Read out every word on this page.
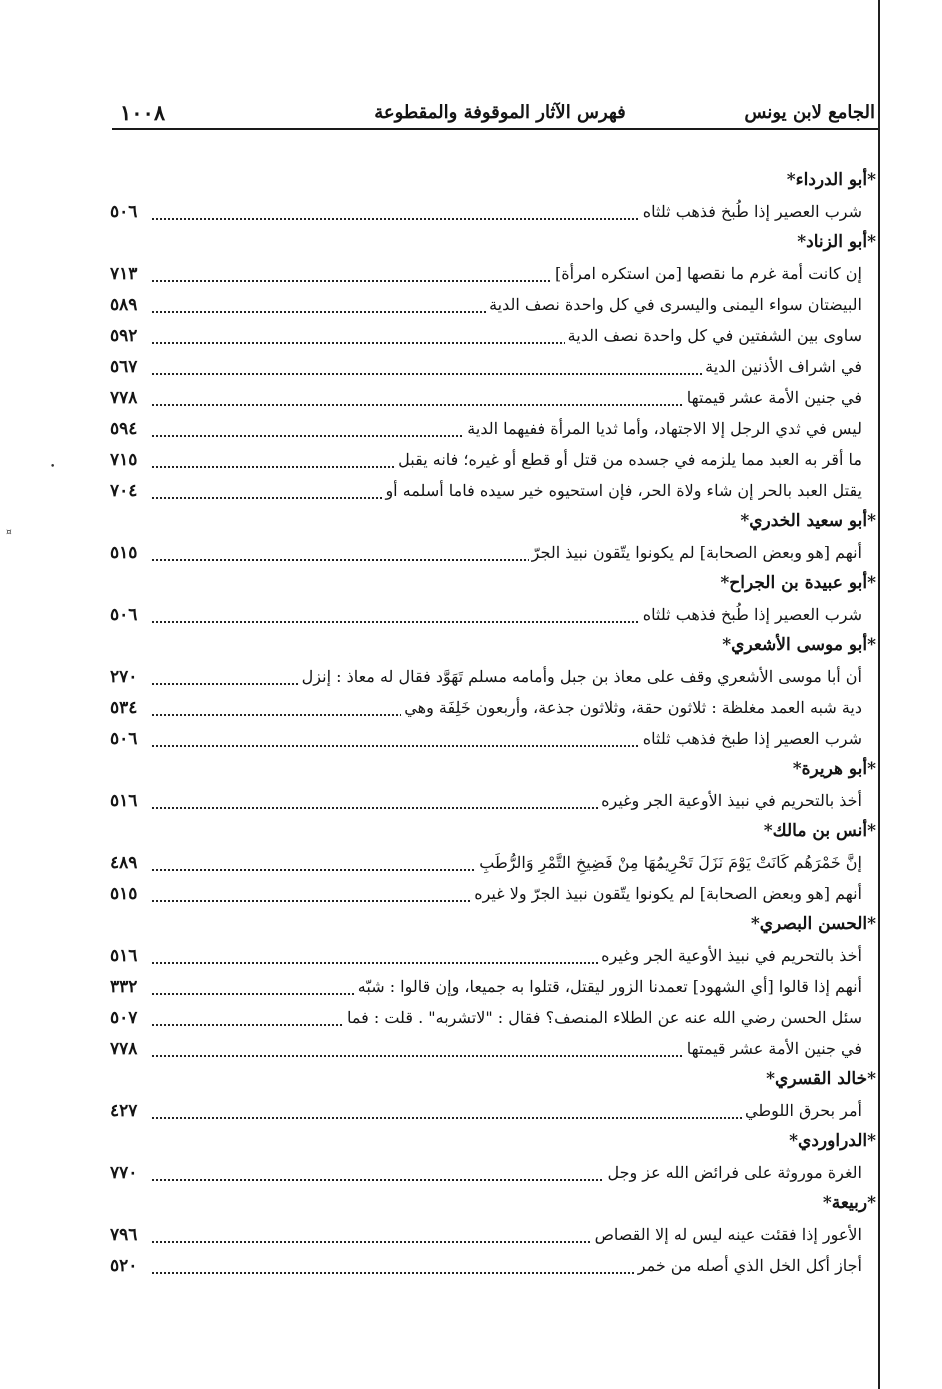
١٠٠٨	فهرس الآثار الموقوفة والمقطوعة	الجامع لابن يونس
•
¤
*أبو الدرداء*
شرب العصير إذا طُبخ فذهب ثلثاه
٥٠٦
*أبو الزناد*
إن كانت أمة غرم ما نقصها [من استكره امرأة]
٧١٣
البيضتان سواء اليمنى واليسرى في كل واحدة نصف الدية
٥٨٩
ساوى بين الشفتين في كل واحدة نصف الدية
٥٩٢
في اشراف الأذنين الدية
٥٦٧
في جنين الأمة عشر قيمتها
٧٧٨
ليس في ثدي الرجل إلا الاجتهاد، وأما ثديا المرأة ففيهما الدية
٥٩٤
ما أقر به العبد مما يلزمه في جسده من قتل أو قطع أو غيره؛ فانه يقبل
٧١٥
يقتل العبد بالحر إن شاء ولاة الحر، فإن استحيوه خير سيده فاما أسلمه أو
٧٠٤
*أبو سعيد الخدري*
أنهم [هو وبعض الصحابة] لم يكونوا يتّقون نبيذ الجرّ
٥١٥
*أبو عبيدة بن الجراح*
شرب العصير إذا طُبخ فذهب ثلثاه
٥٠٦
*أبو موسى الأشعري*
أن أبا موسى الأشعري وقف على معاذ بن جبل وأمامه مسلم تَهَوَّد فقال له معاذ : إنزل
٢٧٠
دية شبه العمد مغلظة : ثلاثون حقة، وثلاثون جذعة، وأربعون خَلِفَة وهي
٥٣٤
شرب العصير إذا طبخ فذهب ثلثاه
٥٠٦
*أبو هريرة*
أخذ بالتحريم في نبيذ الأوعية الجر وغيره
٥١٦
*أنس بن مالك*
إنَّ خَمْرَهُم كَانَتْ يَوْمَ نَزَلَ تَحْرِيمُهَا مِنْ فَضِيخِ التَّمْرِ وَالرُّطَبِ
٤٨٩
أنهم [هو وبعض الصحابة] لم يكونوا يتّقون نبيذ الجرّ ولا غيره
٥١٥
*الحسن البصري*
أخذ بالتحريم في نبيذ الأوعية الجر وغيره
٥١٦
أنهم إذا قالوا [أي الشهود] تعمدنا الزور ليقتل، قتلوا به جميعا، وإن قالوا : شبّه
٣٣٢
سئل الحسن رضي الله عنه عن الطلاء المنصف؟ فقال : "لاتشربه" . قلت : فما
٥٠٧
في جنين الأمة عشر قيمتها
٧٧٨
*خالد القسري*
أمر بحرق اللوطي
٤٢٧
*الدراوردي*
الغرة موروثة على فرائض الله عز وجل
٧٧٠
*ربيعة*
الأعور إذا فقئت عينه ليس له إلا القصاص
٧٩٦
أجاز أكل الخل الذي أصله من خمر
٥٢٠
